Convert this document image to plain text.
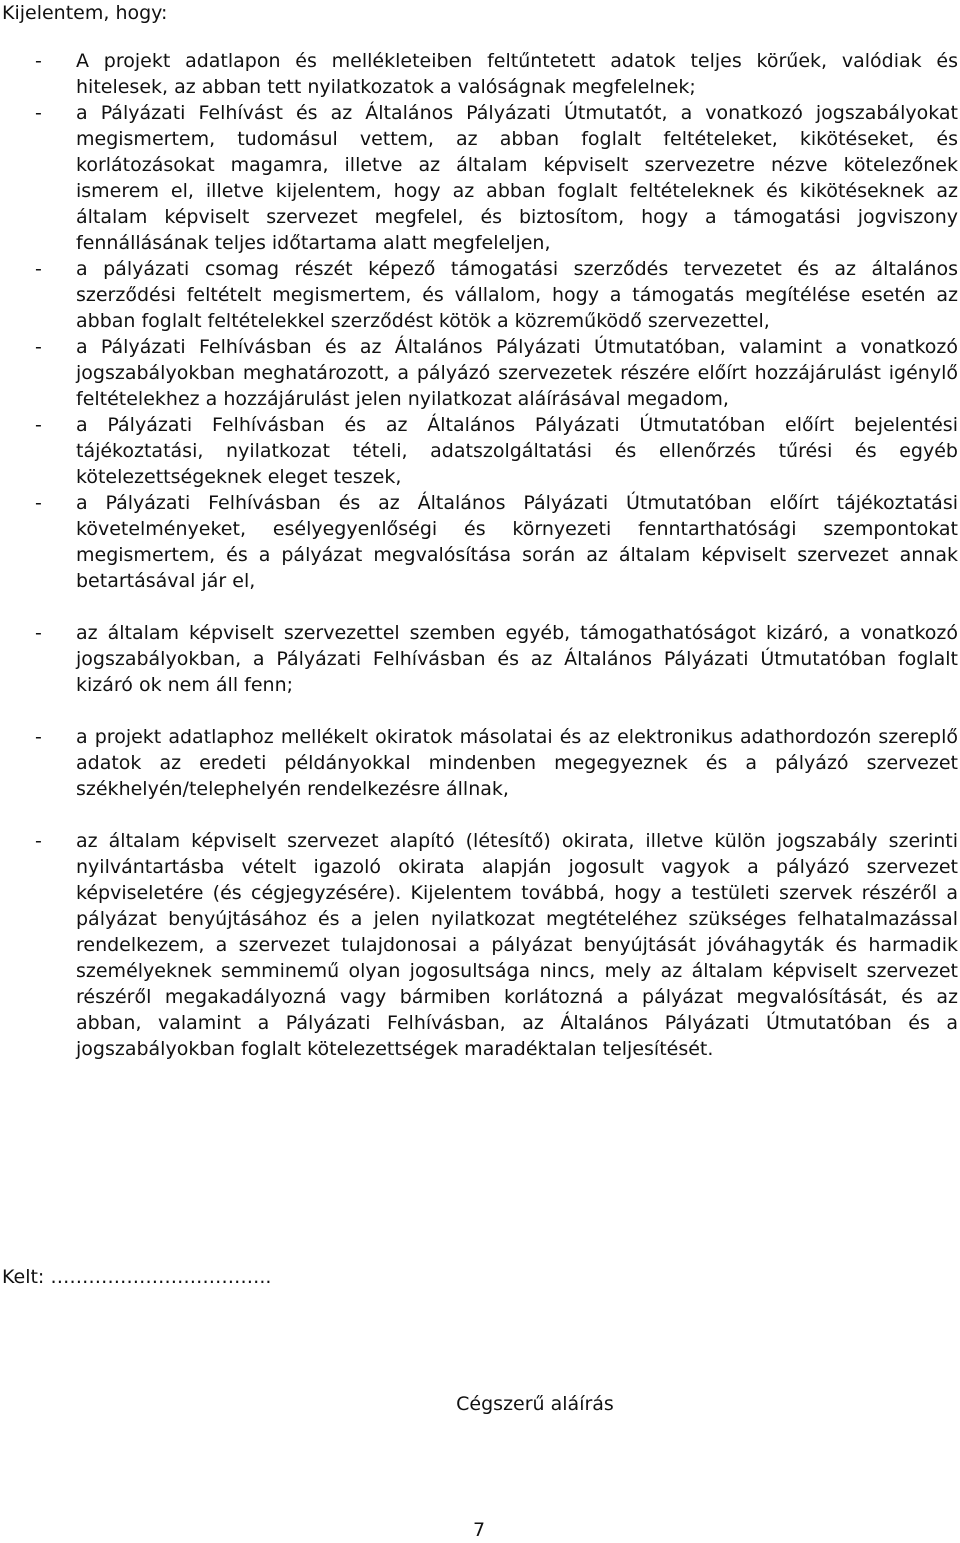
Kijelentem, hogy:
- A projekt adatlapon és mellékleteiben feltűntetett adatok teljes körűek, valódiak és hitelesek, az abban tett nyilatkozatok a valóságnak megfelelnek;
- a Pályázati Felhívást és az Általános Pályázati Útmutatót, a vonatkozó jogszabályokat megismertem, tudomásul vettem, az abban foglalt feltételeket, kikötéseket, és korlátozásokat magamra, illetve az általam képviselt szervezetre nézve kötelezőnek ismerem el, illetve kijelentem, hogy az abban foglalt feltételeknek és kikötéseknek az általam képviselt szervezet megfelel, és biztosítom, hogy a támogatási jogviszony fennállásának teljes időtartama alatt megfeleljen,
- a pályázati csomag részét képező támogatási szerződés tervezetet és az általános szerződési feltételt megismertem, és vállalom, hogy a támogatás megítélése esetén az abban foglalt feltételekkel szerződést kötök a közreműködő szervezettel,
- a Pályázati Felhívásban és az Általános Pályázati Útmutatóban, valamint a vonatkozó jogszabályokban meghatározott, a pályázó szervezetek részére előírt hozzájárulást igénylő feltételekhez a hozzájárulást jelen nyilatkozat aláírásával megadom,
- a Pályázati Felhívásban és az Általános Pályázati Útmutatóban előírt bejelentési tájékoztatási, nyilatkozat tételi, adatszolgáltatási és ellenőrzés tűrési és egyéb kötelezettségeknek eleget teszek,
- a Pályázati Felhívásban és az Általános Pályázati Útmutatóban előírt tájékoztatási követelményeket, esélyegyenlőségi és környezeti fenntarthatósági szempontokat megismertem, és a pályázat megvalósítása során az általam képviselt szervezet annak betartásával jár el,
- az általam képviselt szervezettel szemben egyéb, támogathatóságot kizáró, a vonatkozó jogszabályokban, a Pályázati Felhívásban és az Általános Pályázati Útmutatóban foglalt kizáró ok nem áll fenn;
- a projekt adatlaphoz mellékelt okiratok másolatai és az elektronikus adathordozón szereplő adatok az eredeti példányokkal mindenben megegyeznek és a pályázó szervezet székhelyén/telephelyén rendelkezésre állnak,
- az általam képviselt szervezet alapító (létesítő) okirata, illetve külön jogszabály szerinti nyilvántartásba vételt igazoló okirata alapján jogosult vagyok a pályázó szervezet képviseletére (és cégjegyzésére). Kijelentem továbbá, hogy a testületi szervek részéről a pályázat benyújtásához és a jelen nyilatkozat megtételéhez szükséges felhatalmazással rendelkezem, a szervezet tulajdonosai a pályázat benyújtását jóváhagyták és harmadik személyeknek semminemű olyan jogosultsága nincs, mely az általam képviselt szervezet részéről megakadályozná vagy bármiben korlátozná a pályázat megvalósítását, és az abban, valamint a Pályázati Felhívásban, az Általános Pályázati Útmutatóban és a jogszabályokban foglalt kötelezettségek maradéktalan teljesítését.
Kelt: ……………………………..
Cégszerű aláírás
7
